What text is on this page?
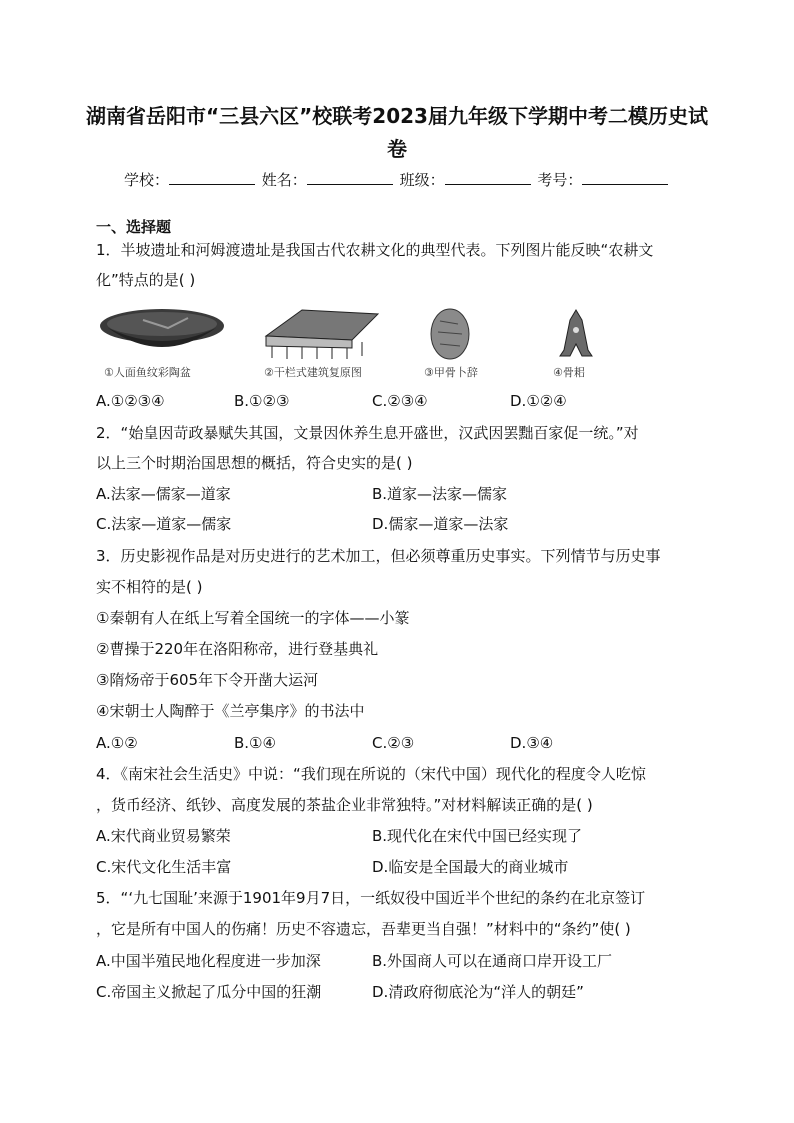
湖南省岳阳市“三县六区”校联考2023届九年级下学期中考二模历史试卷
学校：	姓名：	班级：	考号：
一、选择题
1．半坡遗址和河姆渡遗址是我国古代农耕文化的典型代表。下列图片能反映“农耕文
化”特点的是( )
①人面鱼纹彩陶盆	②干栏式建筑复原图	③甲骨卜辞	④骨耜
A.①②③④	B.①②③	C.②③④	D.①②④
2．“始皇因苛政暴赋失其国，文景因休养生息开盛世，汉武因罢黜百家促一统。”对
以上三个时期治国思想的概括，符合史实的是( )
A.法家—儒家—道家	B.道家—法家—儒家
C.法家—道家—儒家	D.儒家—道家—法家
3．历史影视作品是对历史进行的艺术加工，但必须尊重历史事实。下列情节与历史事
实不相符的是( )
①秦朝有人在纸上写着全国统一的字体——小篆
②曹操于220年在洛阳称帝，进行登基典礼
③隋炀帝于605年下令开凿大运河
④宋朝士人陶醉于《兰亭集序》的书法中
A.①②	B.①④	C.②③	D.③④
4．《南宋社会生活史》中说：“我们现在所说的（宋代中国）现代化的程度令人吃惊
，货币经济、纸钞、高度发展的茶盐企业非常独特。”对材料解读正确的是( )
A.宋代商业贸易繁荣	B.现代化在宋代中国已经实现了
C.宋代文化生活丰富	D.临安是全国最大的商业城市
5．“‘九七国耻’来源于1901年9月7日，一纸奴役中国近半个世纪的条约在北京签订
，它是所有中国人的伤痛！历史不容遗忘，吾辈更当自强！”材料中的“条约”使( )
A.中国半殖民地化程度进一步加深	B.外国商人可以在通商口岸开设工厂
C.帝国主义掀起了瓜分中国的狂潮	D.清政府彻底沦为“洋人的朝廷”
